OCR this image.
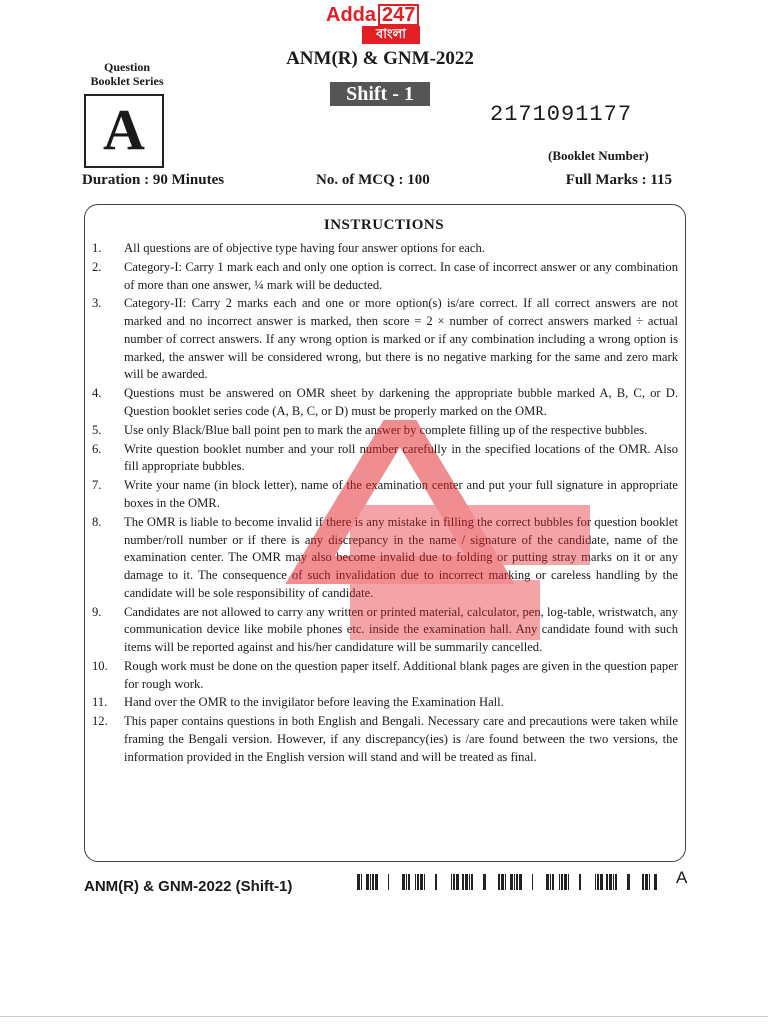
Adda 247
বাংলা
Question
Booklet Series
A
ANM(R) & GNM-2022
Shift - 1
2171091177
(Booklet Number)
Duration : 90 Minutes	No. of MCQ : 100	Full Marks : 115
INSTRUCTIONS
1.	All questions are of objective type having four answer options for each.
2.	Category-I: Carry 1 mark each and only one option is correct. In case of incorrect answer or any combination of more than one answer, ¼ mark will be deducted.
3.	Category-II: Carry 2 marks each and one or more option(s) is/are correct. If all correct answers are not marked and no incorrect answer is marked, then score = 2 × number of correct answers marked ÷ actual number of correct answers. If any wrong option is marked or if any combination including a wrong option is marked, the answer will be considered wrong, but there is no negative marking for the same and zero mark will be awarded.
4.	Questions must be answered on OMR sheet by darkening the appropriate bubble marked A, B, C, or D. Question booklet series code (A, B, C, or D) must be properly marked on the OMR.
5.	Use only Black/Blue ball point pen to mark the answer by complete filling up of the respective bubbles.
6.	Write question booklet number and your roll number carefully in the specified locations of the OMR. Also fill appropriate bubbles.
7.	Write your name (in block letter), name of the examination center and put your full signature in appropriate boxes in the OMR.
8.	The OMR is liable to become invalid if there is any mistake in filling the correct bubbles for question booklet number/roll number or if there is any discrepancy in the name / signature of the candidate, name of the examination center. The OMR may also become invalid due to folding or putting stray marks on it or any damage to it. The consequence of such invalidation due to incorrect marking or careless handling by the candidate will be sole responsibility of candidate.
9.	Candidates are not allowed to carry any written or printed material, calculator, pen, log-table, wristwatch, any communication device like mobile phones etc. inside the examination hall. Any candidate found with such items will be reported against and his/her candidature will be summarily cancelled.
10.	Rough work must be done on the question paper itself. Additional blank pages are given in the question paper for rough work.
11.	Hand over the OMR to the invigilator before leaving the Examination Hall.
12.	This paper contains questions in both English and Bengali. Necessary care and precautions were taken while framing the Bengali version. However, if any discrepancy(ies) is /are found between the two versions, the information provided in the English version will stand and will be treated as final.
ANM(R) & GNM-2022 (Shift-1)	A
